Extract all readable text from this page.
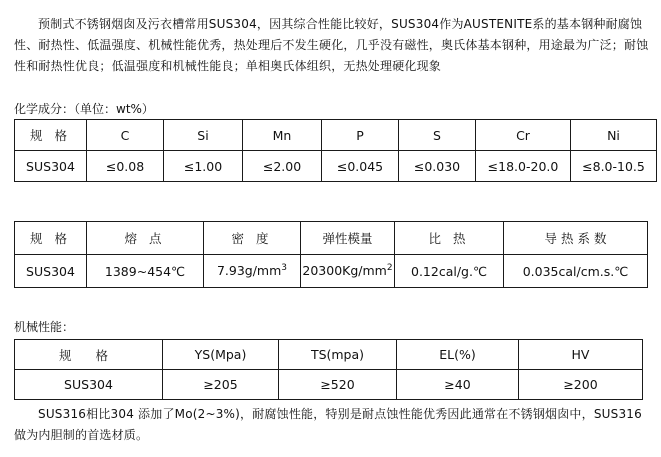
预制式不锈钢烟囱及污衣槽常用SUS304，因其综合性能比较好，SUS304作为AUSTENITE系的基本钢种耐腐蚀性、耐热性、低温强度、机械性能优秀，热处理后不发生硬化，几乎没有磁性，奥氏体基本钢种，用途最为广泛；耐蚀性和耐热性优良；低温强度和机械性能良；单相奥氏体组织，无热处理硬化现象

化学成分：（单位：wt%）

规 格	C	Si	Mn	P	S	Cr	Ni
SUS304	≤0.08	≤1.00	≤2.00	≤0.045	≤0.030	≤18.0-20.0	≤8.0-10.5
规 格	熔 点	密 度	弹性模量	比 热	导 热 系 数
SUS304	1389~454℃	$7.93g/mm^3$	$20300Kg/mm^2$	0.12cal/g.℃	0.035cal/cm.s.℃

机械性能：

规 格	YS(Mpa)	TS(mpa)	EL(%)	HV
SUS304	≥205	≥520	≥40	≥200

SUS316相比304 添加了Mo(2~3%)，耐腐蚀性能，特别是耐点蚀性能优秀因此通常在不锈钢烟囱中，SUS316做为内胆制的首选材质。
